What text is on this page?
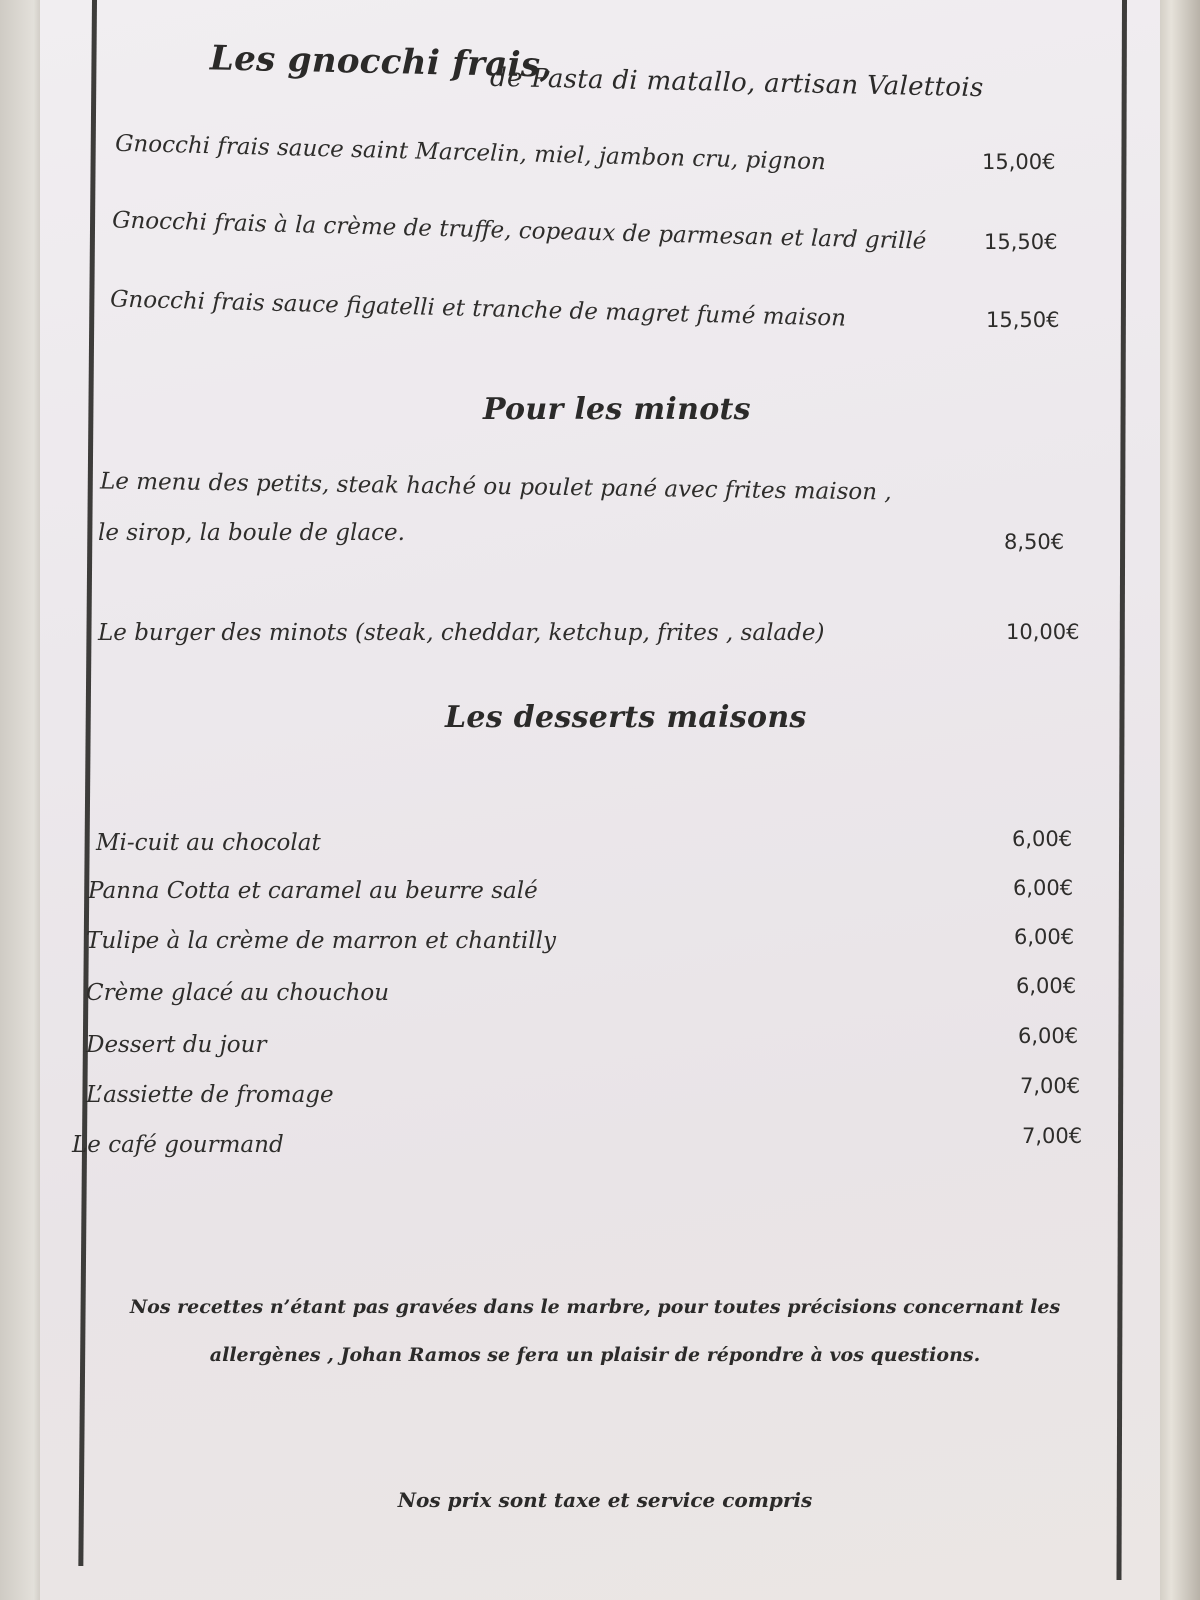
Les gnocchi frais,
de Pasta di matallo, artisan Valettois
Gnocchi frais sauce saint Marcelin, miel, jambon cru, pignon	15,00€
Gnocchi frais à la crème de truffe, copeaux de parmesan et lard grillé	15,50€
Gnocchi frais sauce figatelli et tranche de magret fumé maison	15,50€
Pour les minots
Le menu des petits, steak haché ou poulet pané avec frites maison ,
le sirop, la boule de glace.	8,50€
Le burger des minots (steak, cheddar, ketchup, frites , salade)	10,00€
Les desserts maisons
Mi-cuit au chocolat	6,00€
Panna Cotta et caramel au beurre salé	6,00€
Tulipe à la crème de marron et chantilly	6,00€
Crème glacé au chouchou	6,00€
Dessert du jour	6,00€
L’assiette de fromage	7,00€
Le café gourmand	7,00€
Nos recettes n’étant pas gravées dans le marbre, pour toutes précisions concernant les
allergènes , Johan Ramos se fera un plaisir de répondre à vos questions.
Nos prix sont taxe et service compris
